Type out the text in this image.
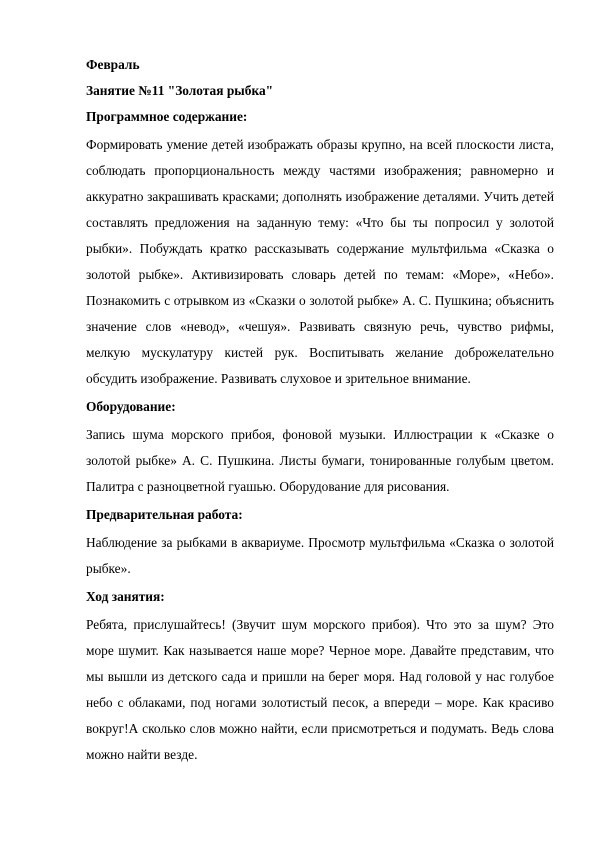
Февраль

Занятие №11 "Золотая рыбка"

Программное содержание:

Формировать умение детей изображать образы крупно, на всей плоскости листа, соблюдать пропорциональность между частями изображения; равномерно и аккуратно закрашивать красками; дополнять изображение деталями. Учить детей составлять предложения на заданную тему: «Что бы ты попросил у золотой рыбки». Побуждать кратко рассказывать содержание мультфильма «Сказка о золотой рыбке». Активизировать словарь детей по темам: «Море», «Небо». Познакомить с отрывком из «Сказки о золотой рыбке» А. С. Пушкина; объяснить значение слов «невод», «чешуя». Развивать связную речь, чувство рифмы, мелкую мускулатуру кистей рук. Воспитывать желание доброжелательно обсудить изображение. Развивать слуховое и зрительное внимание.

Оборудование:

Запись шума морского прибоя, фоновой музыки. Иллюстрации к «Сказке о золотой рыбке» А. С. Пушкина. Листы бумаги, тонированные голубым цветом. Палитра с разноцветной гуашью. Оборудование для рисования.

Предварительная работа:

Наблюдение за рыбками в аквариуме. Просмотр мультфильма «Сказка о золотой рыбке».

Ход занятия:

Ребята, прислушайтесь! (Звучит шум морского прибоя). Что это за шум? Это море шумит. Как называется наше море? Черное море. Давайте представим, что мы вышли из детского сада и пришли на берег моря. Над головой у нас голубое небо с облаками, под ногами золотистый песок, а впереди – море. Как красиво вокруг!А сколько слов можно найти, если присмотреться и подумать. Ведь слова можно найти везде.
